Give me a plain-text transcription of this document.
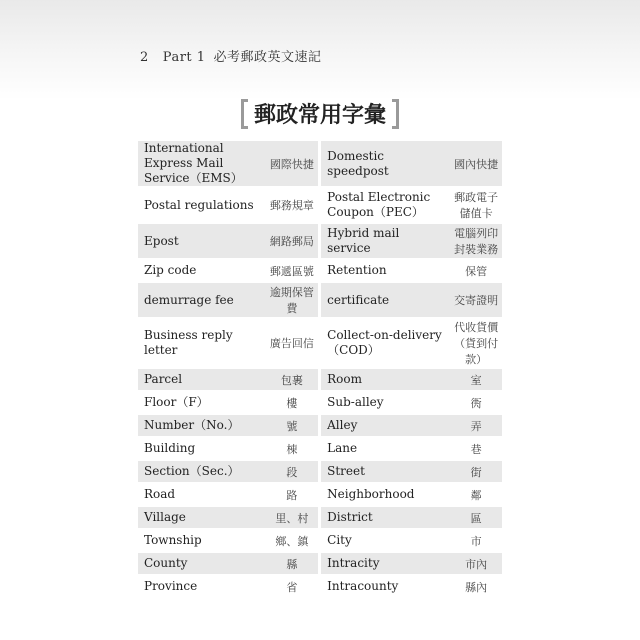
2 Part 1 必考郵政英文速記
郵政常用字彙
International Express Mail Service（EMS）	國際快捷		Domestic speedpost	國內快捷
Postal regulations	郵務規章		Postal Electronic Coupon（PEC）	郵政電子儲值卡
Epost	網路郵局		Hybrid mail service	電腦列印封裝業務
Zip code	郵遞區號		Retention	保管
demurrage fee	逾期保管費		certificate	交寄證明
Business reply letter	廣告回信		Collect-on-delivery（COD）	代收貨價（貨到付款）
Parcel	包裹		Room	室
Floor（F）	樓		Sub-alley	衖
Number（No.）	號		Alley	弄
Building	棟		Lane	巷
Section（Sec.）	段		Street	街
Road	路		Neighborhood	鄰
Village	里、村		District	區
Township	鄉、鎮		City	市
County	縣		Intracity	市內
Province	省		Intracounty	縣內
